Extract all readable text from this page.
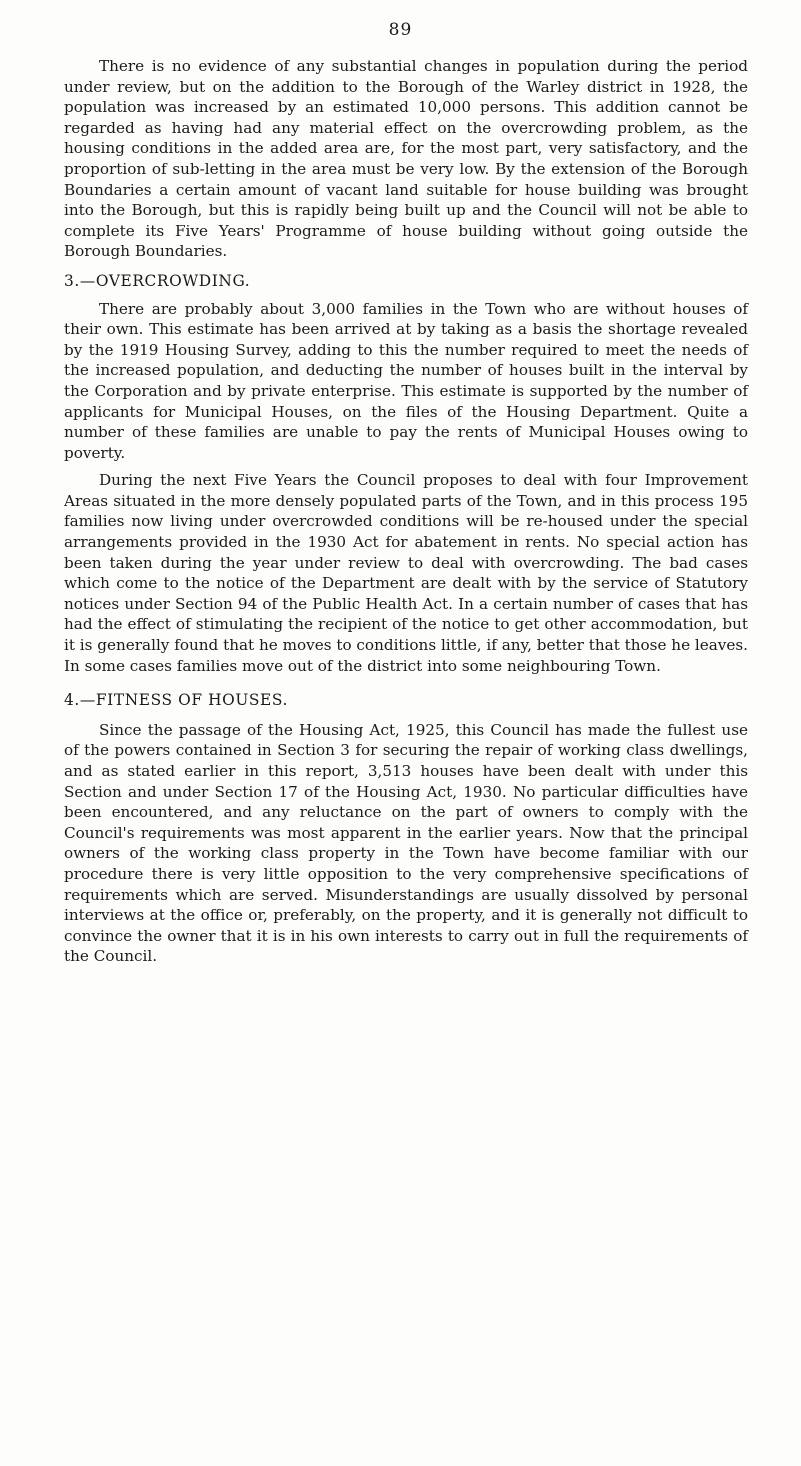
89

There is no evidence of any substantial changes in population during the period under review, but on the addition to the Borough of the Warley district in 1928, the population was increased by an estimated 10,000 persons. This addition cannot be regarded as having had any material effect on the overcrowding problem, as the housing conditions in the added area are, for the most part, very satisfactory, and the proportion of sub-letting in the area must be very low. By the extension of the Borough Boundaries a certain amount of vacant land suitable for house building was brought into the Borough, but this is rapidly being built up and the Council will not be able to complete its Five Years' Programme of house building without going outside the Borough Boundaries.

3.—OVERCROWDING.

There are probably about 3,000 families in the Town who are without houses of their own. This estimate has been arrived at by taking as a basis the shortage revealed by the 1919 Housing Survey, adding to this the number required to meet the needs of the increased population, and deducting the number of houses built in the interval by the Corporation and by private enterprise. This estimate is supported by the number of applicants for Municipal Houses, on the files of the Housing Department. Quite a number of these families are unable to pay the rents of Municipal Houses owing to poverty.

During the next Five Years the Council proposes to deal with four Improvement Areas situated in the more densely populated parts of the Town, and in this process 195 families now living under overcrowded conditions will be re-housed under the special arrangements provided in the 1930 Act for abatement in rents. No special action has been taken during the year under review to deal with overcrowding. The bad cases which come to the notice of the Department are dealt with by the service of Statutory notices under Section 94 of the Public Health Act. In a certain number of cases that has had the effect of stimulating the recipient of the notice to get other accommodation, but it is generally found that he moves to conditions little, if any, better that those he leaves. In some cases families move out of the district into some neighbouring Town.

4.—FITNESS OF HOUSES.

Since the passage of the Housing Act, 1925, this Council has made the fullest use of the powers contained in Section 3 for securing the repair of working class dwellings, and as stated earlier in this report, 3,513 houses have been dealt with under this Section and under Section 17 of the Housing Act, 1930. No particular difficulties have been encountered, and any reluctance on the part of owners to comply with the Council's requirements was most apparent in the earlier years. Now that the principal owners of the working class property in the Town have become familiar with our procedure there is very little opposition to the very comprehensive specifications of requirements which are served. Misunderstandings are usually dissolved by personal interviews at the office or, preferably, on the property, and it is generally not difficult to convince the owner that it is in his own interests to carry out in full the requirements of the Council.
